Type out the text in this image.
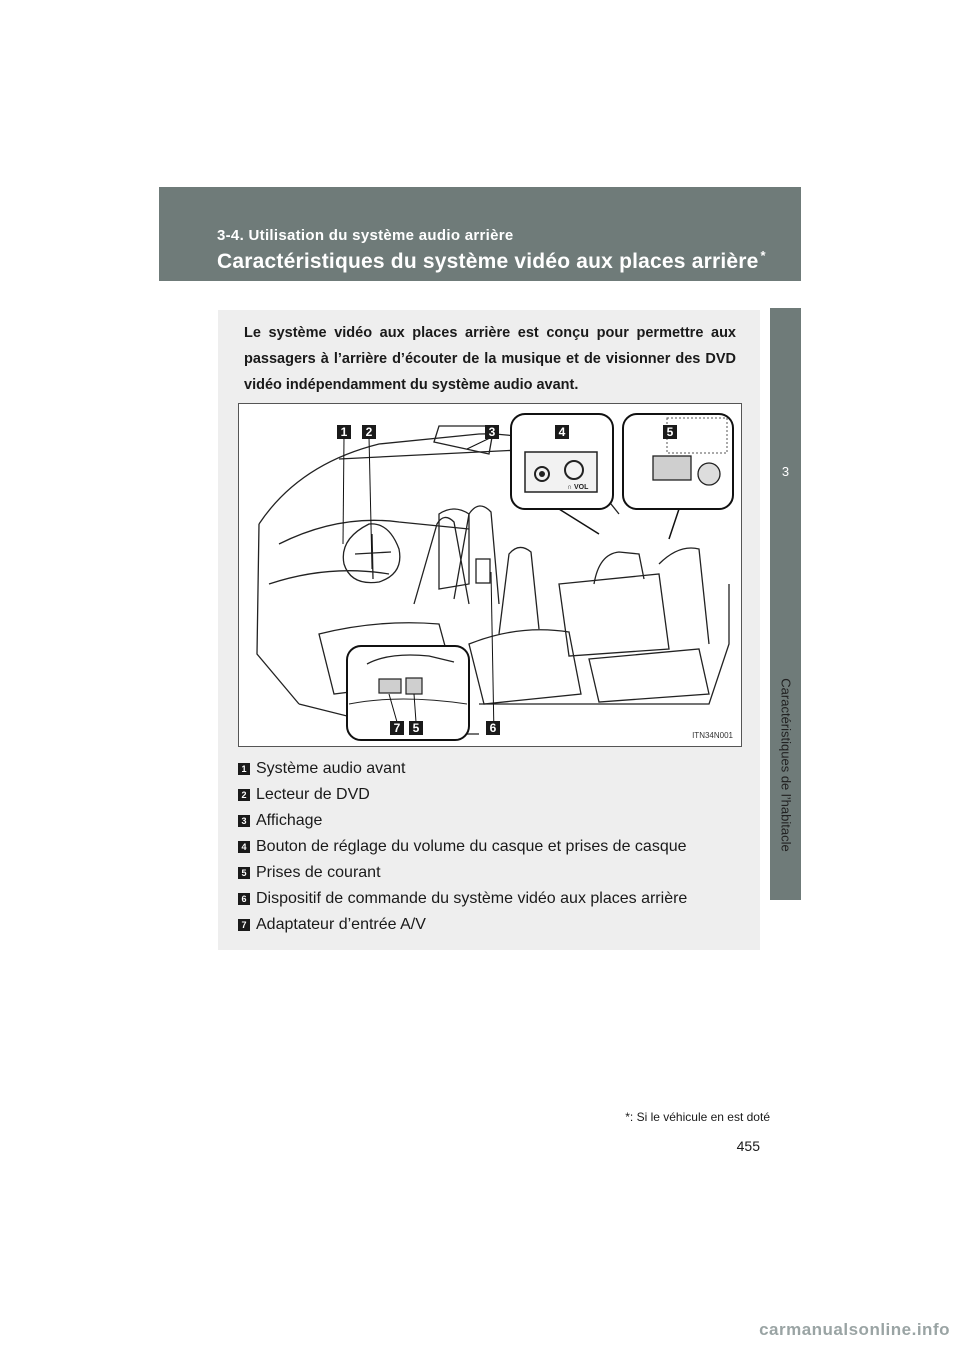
3-4. Utilisation du système audio arrière
Caractéristiques du système vidéo aux places arrière *
3
Caractéristiques de l’habitacle
Le système vidéo aux places arrière est conçu pour permettre aux passagers à l’arrière d’écouter de la musique et de visionner des DVD vidéo indépendamment du système audio avant.
∩ VOL
1 2	3	4	5
7 5	6
ITN34N001
1 Système audio avant
2 Lecteur de DVD
3 Affichage
4 Bouton de réglage du volume du casque et prises de casque
5 Prises de courant
6 Dispositif de commande du système vidéo aux places arrière
7 Adaptateur d’entrée A/V
*: Si le véhicule en est doté
455
carmanualsonline.info
